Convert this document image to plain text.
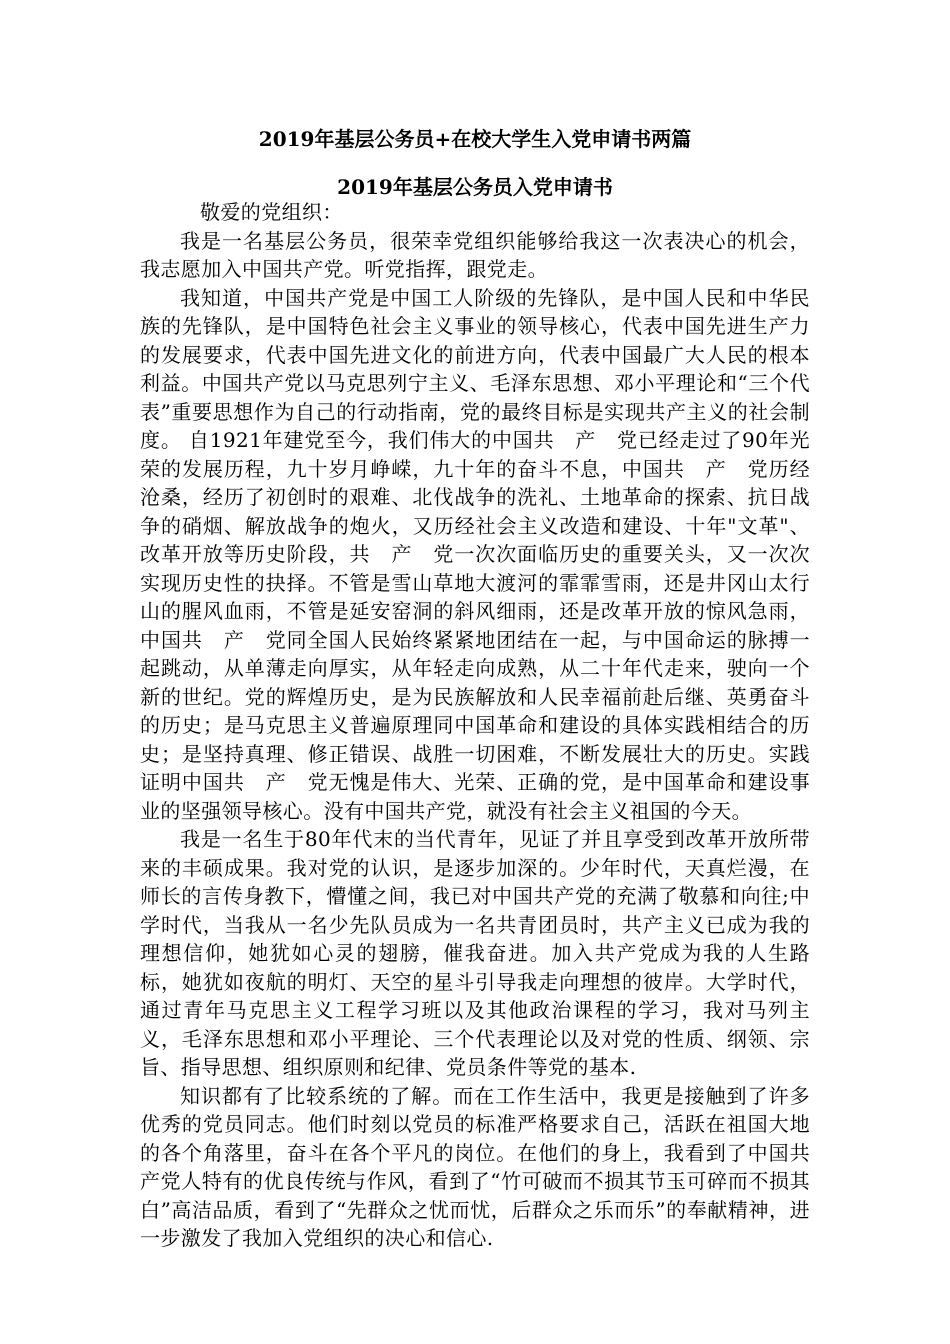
2019年基层公务员+在校大学生入党申请书两篇
2019年基层公务员入党申请书

敬爱的党组织：

我是一名基层公务员，很荣幸党组织能够给我这一次表决心的机会，我志愿加入中国共产党。听党指挥，跟党走。

我知道，中国共产党是中国工人阶级的先锋队，是中国人民和中华民族的先锋队，是中国特色社会主义事业的领导核心，代表中国先进生产力的发展要求，代表中国先进文化的前进方向，代表中国最广大人民的根本利益。中国共产党以马克思列宁主义、毛泽东思想、邓小平理论和“三个代表”重要思想作为自己的行动指南，党的最终目标是实现共产主义的社会制度。 自1921年建党至今，我们伟大的中国共　产　党已经走过了90年光荣的发展历程，九十岁月峥嵘，九十年的奋斗不息，中国共　产　党历经沧桑，经历了初创时的艰难、北伐战争的洗礼、土地革命的探索、抗日战争的硝烟、解放战争的炮火，又历经社会主义改造和建设、十年"文革"、改革开放等历史阶段，共　产　党一次次面临历史的重要关头，又一次次实现历史性的抉择。不管是雪山草地大渡河的霏霏雪雨，还是井冈山太行山的腥风血雨，不管是延安窑洞的斜风细雨，还是改革开放的惊风急雨，中国共　产　党同全国人民始终紧紧地团结在一起，与中国命运的脉搏一起跳动，从单薄走向厚实，从年轻走向成熟，从二十年代走来，驶向一个新的世纪。党的辉煌历史，是为民族解放和人民幸福前赴后继、英勇奋斗的历史；是马克思主义普遍原理同中国革命和建设的具体实践相结合的历史；是坚持真理、修正错误、战胜一切困难，不断发展壮大的历史。实践证明中国共　产　党无愧是伟大、光荣、正确的党，是中国革命和建设事业的坚强领导核心。没有中国共产党，就没有社会主义祖国的今天。

我是一名生于80年代末的当代青年，见证了并且享受到改革开放所带来的丰硕成果。我对党的认识，是逐步加深的。少年时代，天真烂漫，在师长的言传身教下，懵懂之间，我已对中国共产党的充满了敬慕和向往;中学时代，当我从一名少先队员成为一名共青团员时，共产主义已成为我的理想信仰，她犹如心灵的翅膀，催我奋进。加入共产党成为我的人生路标，她犹如夜航的明灯、天空的星斗引导我走向理想的彼岸。大学时代，通过青年马克思主义工程学习班以及其他政治课程的学习，我对马列主义，毛泽东思想和邓小平理论、三个代表理论以及对党的性质、纲领、宗旨、指导思想、组织原则和纪律、党员条件等党的基本.

知识都有了比较系统的了解。而在工作生活中，我更是接触到了许多优秀的党员同志。他们时刻以党员的标准严格要求自己，活跃在祖国大地的各个角落里，奋斗在各个平凡的岗位。在他们的身上，我看到了中国共产党人特有的优良传统与作风，看到了“竹可破而不损其节玉可碎而不损其白”高洁品质，看到了“先群众之忧而忧，后群众之乐而乐”的奉献精神，进一步激发了我加入党组织的决心和信心.
